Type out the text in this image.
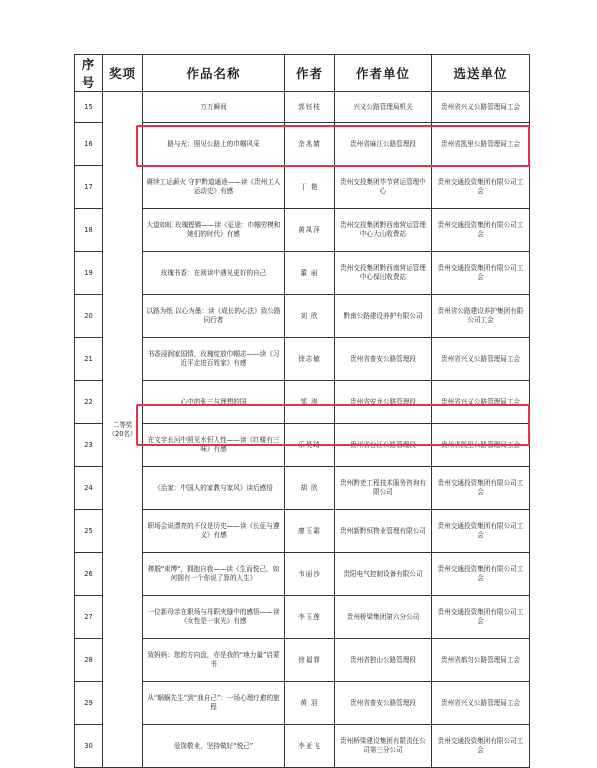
序号	奖项	作品名称	作者	作者单位	选送单位
15	二等奖（20名）	万万瞬间	郭钰枝	兴义公路管理局机关	贵州省兴义公路管理局工会
16		路与光：照见公路上的巾帼风采	余兆婧	贵州省麻江公路管理段	贵州省凯里公路管理局工会
17		赓续工运薪火 守护黔道通途——读《贵州工人运动史》有感	丁 艳	贵州交投集团毕节营运管理中心	贵州交通投资集团有限公司工会
18		大道如虹 玫瑰铿锵——读《征途：巾帼劳模和她们的时代》有感	黄凤萍	贵州交投集团黔西南营运管理中心大山收费站	贵州交通投资集团有限公司工会
19		玫瑰书香：在阅读中遇见更好的自己	董 丽	贵州交投集团黔西南营运管理中心保田收费站	贵州交通投资集团有限公司工会
20		以路为纸 以心为墨：读《成长的心法》致公路同行者	刘 欣	黔南公路建设养护有限公司	贵州省公路建设养护集团有限公司工会
21		书香浸润家国情，玫瑰绽放巾帼志——读《习近平走进百姓家》有感	徐志敏	贵州省普安公路管理段	贵州省兴义公路管理局工会
22		心中的张三与理想的国	邹 涛	贵州省安龙公路管理段	贵州省兴义公路管理局工会
23		在文字长河中照见水恒人性——读《红楼有三味》有感	乐昊琦	贵州省台江公路管理段	贵州省凯里公路管理局工会
24		《治家：中国人的家教与家风》读后感悟	胡 欣	贵州黔吏工程技术服务咨询有限公司	贵州交通投资集团有限公司工会
25		职场会说漂亮的不仅是历史——读《长征与遵义》有感	廖玉霜	贵州新黔恒物业管理有限公司	贵州交通投资集团有限公司工会
26		摔脱"束缚"，拥抱自我——读《生而悦己，如何拥有一个你说了算的人生》	韦丽沙	贵阳电气控制设备有限公司	贵州交通投资集团有限公司工会
27		一位新母亲在职场与母职夹缝中的感悟——读《女性是一束光》有感	李玉莲	贵州桥梁集团第六分公司	贵州交通投资集团有限公司工会
28		致妈妈：您的方向盘，亦是我的“地力量”启蒙书	徐福霏	贵州省独山公路管理段	贵州省都匀公路管理局工会
29		从“蜗蜗先生”到“我自己”：一场心理疗愈的旅程	黄 羽	贵州省普安公路管理段	贵州省兴义公路管理局工会
30		爱岗敬业，坚持做好“悦己”	李亚飞	贵州桥梁建设集团有限责任公司第三分公司	贵州交通投资集团有限公司工会
